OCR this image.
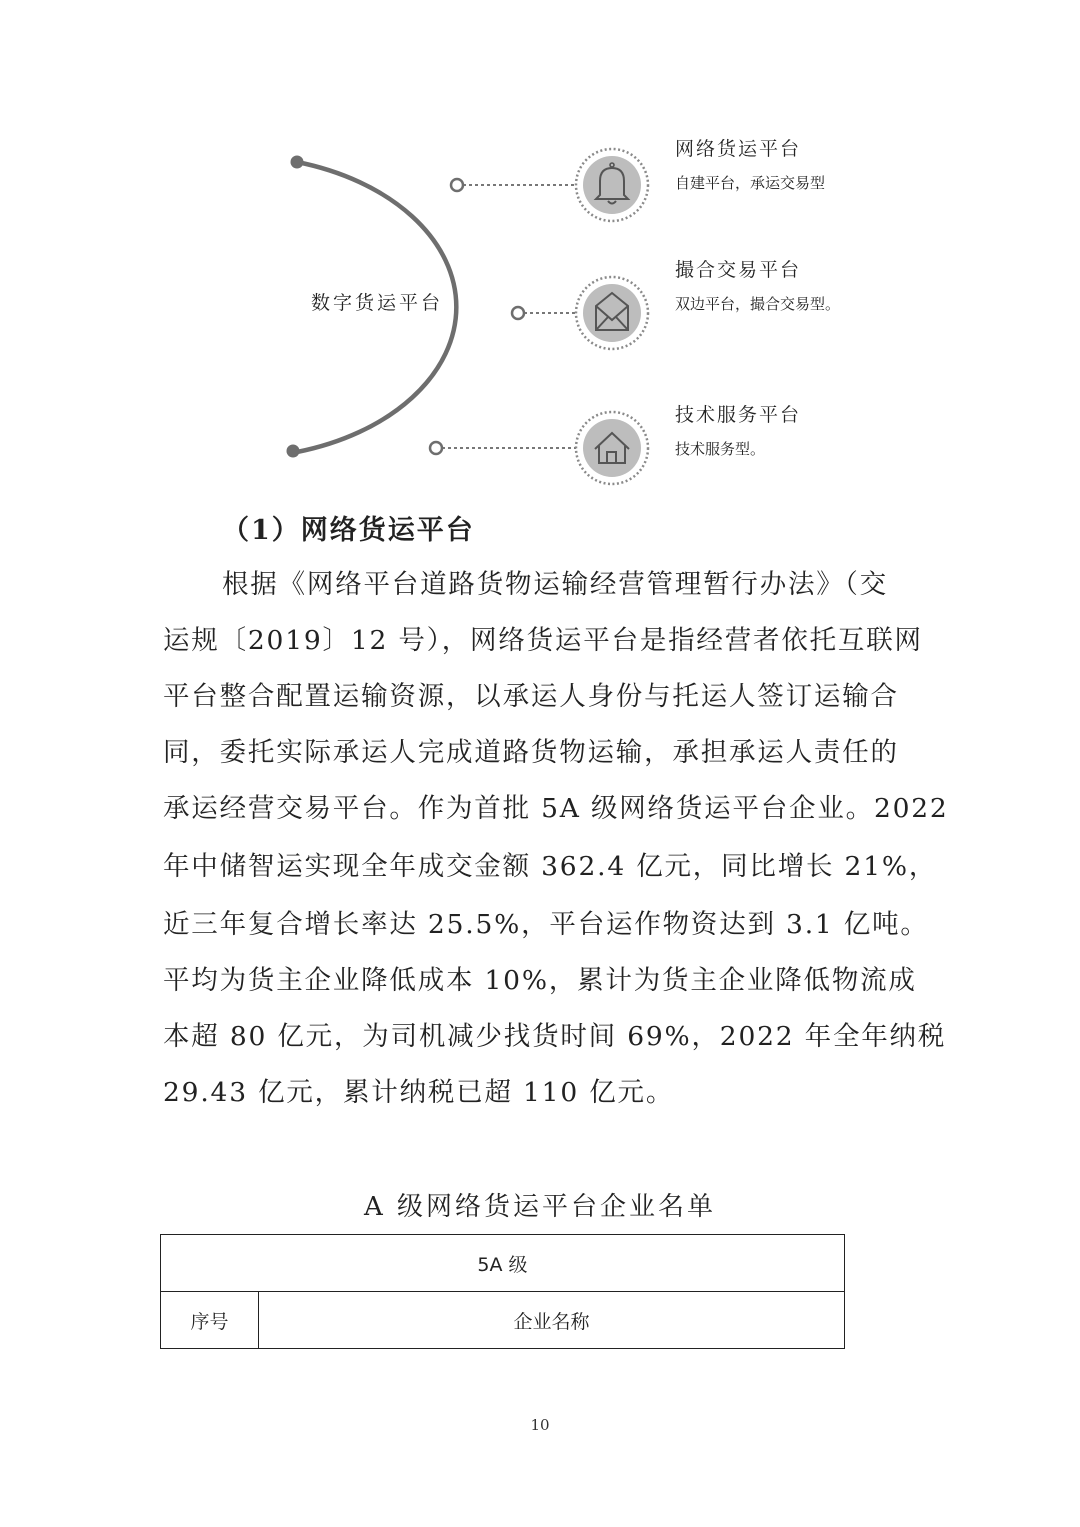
数字货运平台
网络货运平台
自建平台，承运交易型
撮合交易平台
双边平台，撮合交易型。
技术服务平台
技术服务型。
（1）网络货运平台

根据《网络平台道路货物运输经营管理暂行办法》（交

运规〔2019〕12 号），网络货运平台是指经营者依托互联网

平台整合配置运输资源，以承运人身份与托运人签订运输合

同，委托实际承运人完成道路货物运输，承担承运人责任的

承运经营交易平台。作为首批 5A 级网络货运平台企业。2022

年中储智运实现全年成交金额 362.4 亿元，同比增长 21%，

近三年复合增长率达 25.5%，平台运作物资达到 3.1 亿吨。

平均为货主企业降低成本 10%，累计为货主企业降低物流成

本超 80 亿元，为司机减少找货时间 69%，2022 年全年纳税

29.43 亿元，累计纳税已超 110 亿元。

A 级网络货运平台企业名单

5A 级
序号	企业名称

10
